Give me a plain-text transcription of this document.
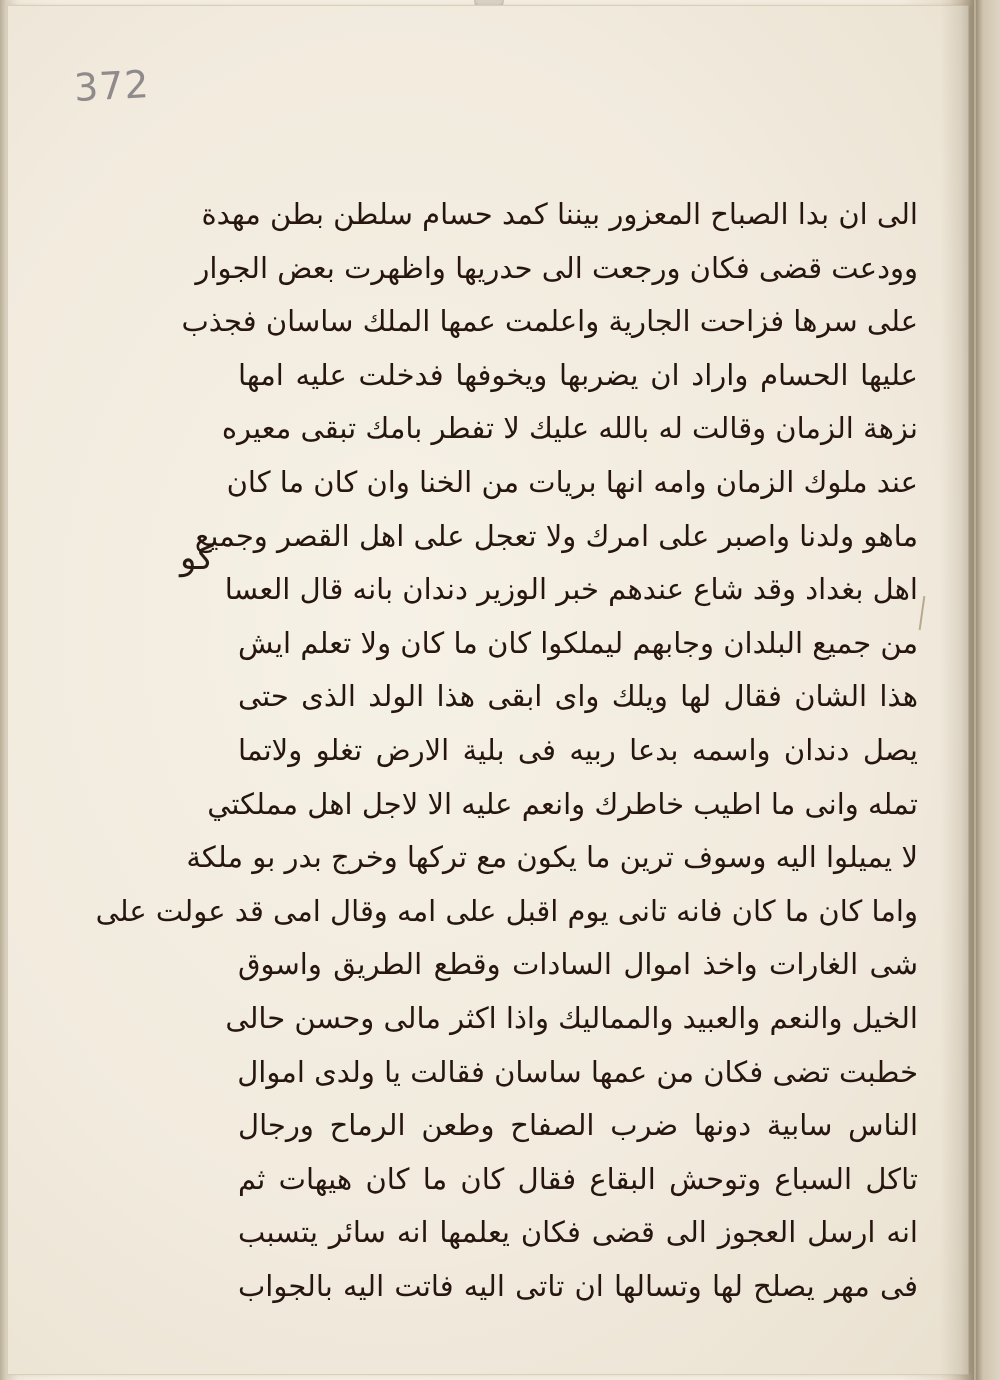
372
كو
الى ان بدا الصباح المعزور بيننا كمد حسام سلطن بطن مهدة
وودعت قضى فكان ورجعت الى حدريها واظهرت بعض الجوار
على سرها فزاحت الجارية واعلمت عمها الملك ساسان فجذب
عليها الحسام واراد ان يضربها ويخوفها فدخلت عليه امها
نزهة الزمان وقالت له بالله عليك لا تفطر بامك تبقى معيره
عند ملوك الزمان وامه انها بريات من الخنا وان كان ما كان
ماهو ولدنا واصبر على امرك ولا تعجل على اهل القصر وجميع
اهل بغداد وقد شاع عندهم خبر الوزير دندان بانه قال العسا
من جميع البلدان وجابهم ليملكوا كان ما كان ولا تعلم ايش
هذا الشان فقال لها ويلك واى ابقى هذا الولد الذى حتى
يصل دندان واسمه بدعا ربيه فى بلية الارض تغلو ولاتما
تمله وانى ما اطيب خاطرك وانعم عليه الا لاجل اهل مملكتي
لا يميلوا اليه وسوف ترين ما يكون مع تركها وخرج بدر بو ملكة
واما كان ما كان فانه تانى يوم اقبل على امه وقال امى قد عولت على
شى الغارات واخذ اموال السادات وقطع الطريق واسوق
الخيل والنعم والعبيد والمماليك واذا اكثر مالى وحسن حالى
خطبت تضى فكان من عمها ساسان فقالت يا ولدى اموال
الناس سابية دونها ضرب الصفاح وطعن الرماح ورجال
تاكل السباع وتوحش البقاع فقال كان ما كان هيهات ثم
انه ارسل العجوز الى قضى فكان يعلمها انه سائر يتسبب
فى مهر يصلح لها وتسالها ان تاتى اليه فاتت اليه بالجواب
